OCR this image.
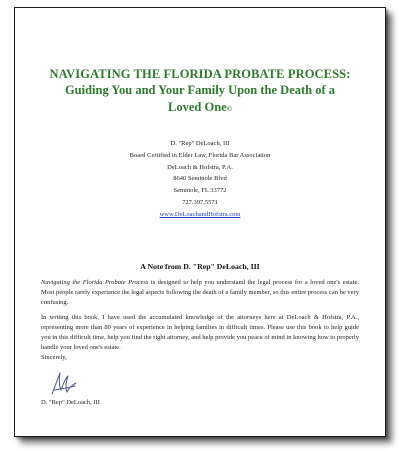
NAVIGATING THE FLORIDA PROBATE PROCESS:
Guiding You and Your Family Upon the Death of a Loved One©
D. "Rep" DeLoach, III
Board Certified in Elder Law, Florida Bar Association
DeLoach & Hofstra, P.A.
8640 Seminole Blvd
Seminole, FL 33772
727.397.5571
www.DeLoachandHofstra.com
A Note from D. "Rep" DeLoach, III
Navigating the Florida Probate Process is designed to help you understand the legal process for a loved one's estate. Most people rarely experience the legal aspects following the death of a family member, so this entire process can be very confusing.
In writing this book, I have used the accumulated knowledge of the attorneys here at DeLoach & Hofstra, P.A., representing more than 80 years of experience in helping families in difficult times. Please use this book to help guide you in this difficult time, help you find the right attorney, and help provide you peace of mind in knowing how to properly handle your loved one's estate.
Sincerely,
D. "Rep" DeLoach, III
